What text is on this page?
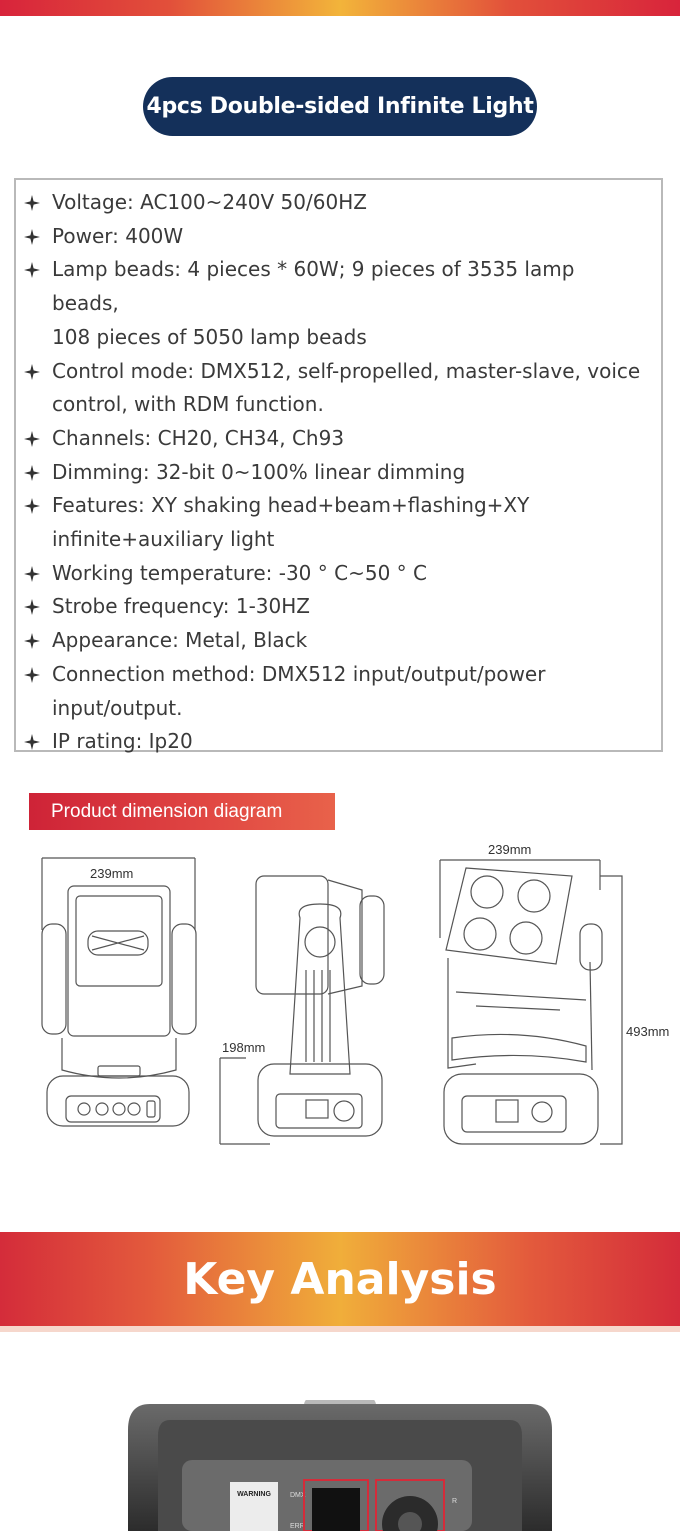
4pcs Double-sided Infinite Light
Voltage: AC100~240V 50/60HZ
Power: 400W
Lamp beads: 4 pieces * 60W; 9 pieces of 3535 lamp beads,
108 pieces of 5050 lamp beads
Control mode: DMX512, self-propelled, master-slave, voice
control, with RDM function.
Channels: CH20, CH34, Ch93
Dimming: 32-bit 0~100% linear dimming
Features: XY shaking head+beam+flashing+XY
infinite+auxiliary light
Working temperature: -30 ° C~50 ° C
Strobe frequency: 1-30HZ
Appearance: Metal, Black
Connection method: DMX512 input/output/power
input/output.
IP rating: Ip20
Product dimension diagram
239mm
198mm
239mm
493mm
Key Analysis
WARNING	DMX
ERR
R
